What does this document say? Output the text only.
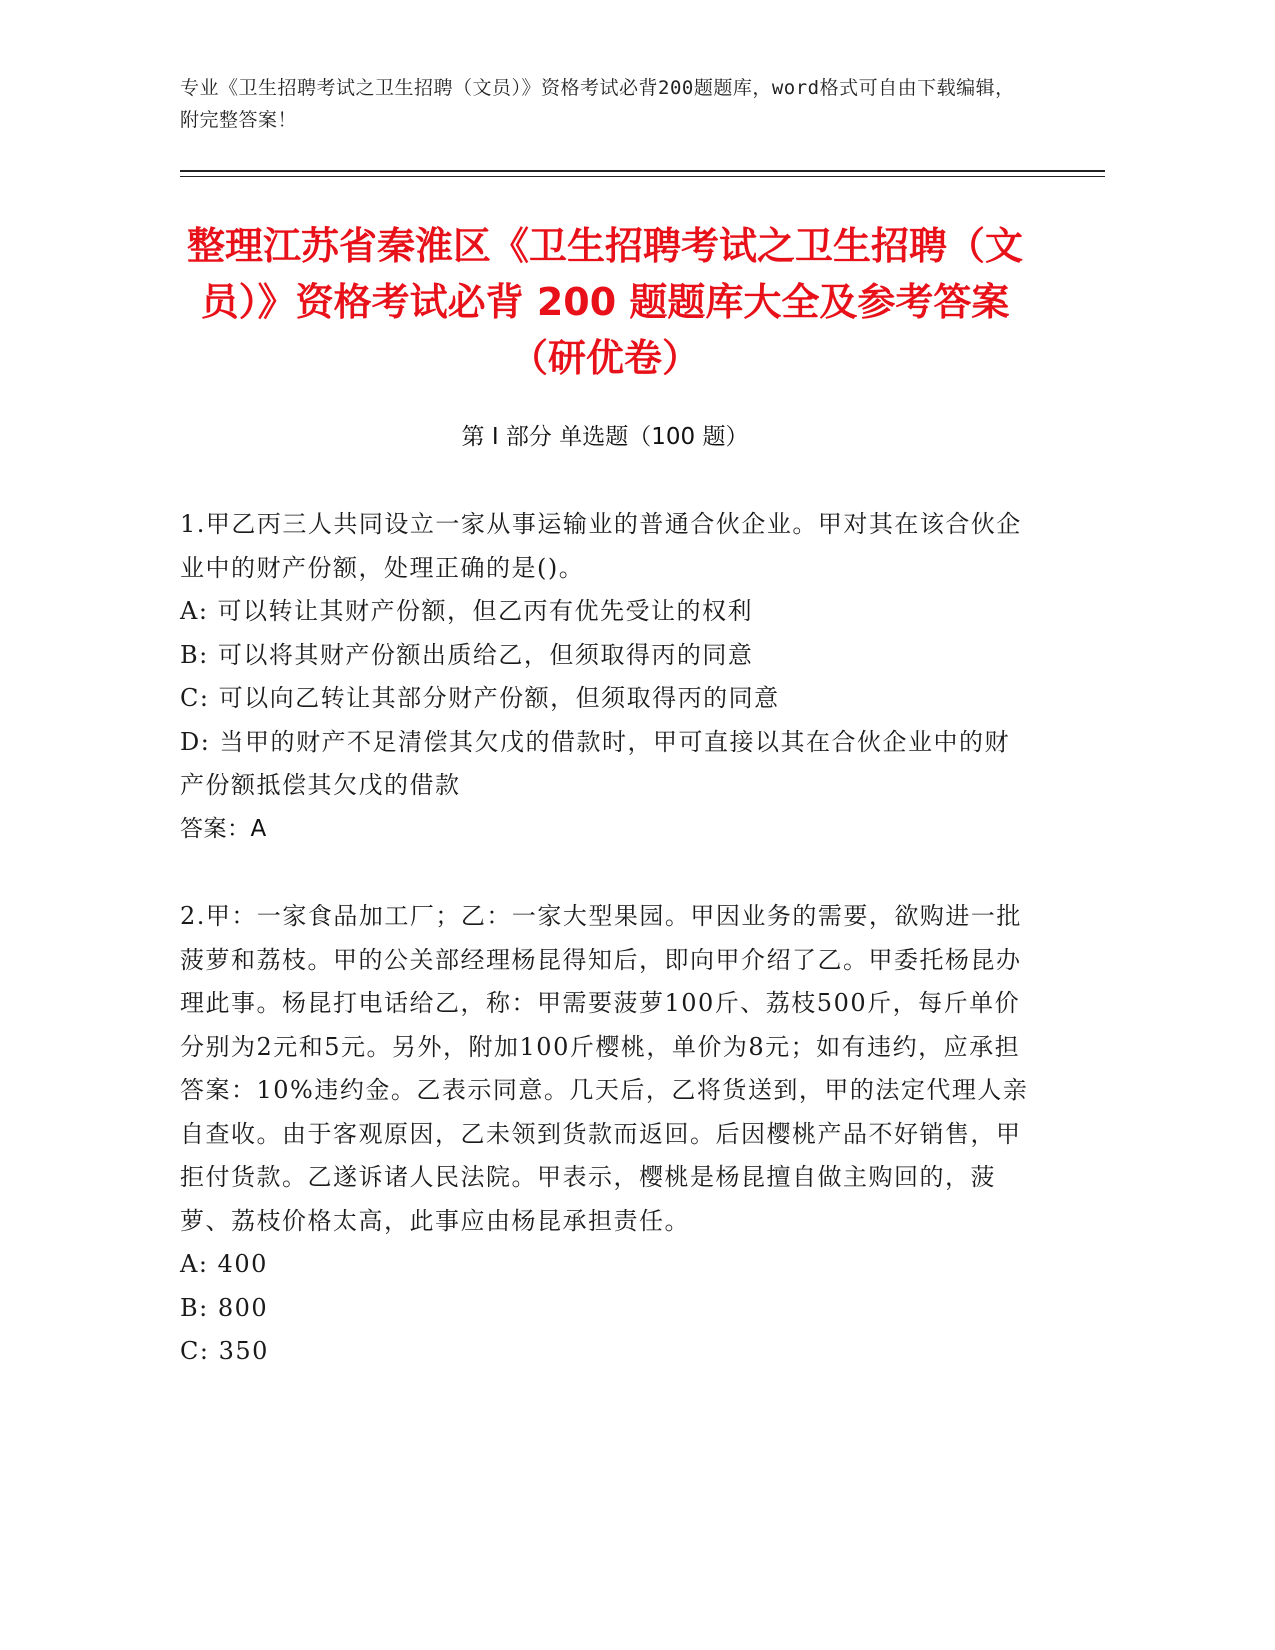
专业《卫生招聘考试之卫生招聘（文员）》资格考试必背200题题库，word格式可自由下载编辑，附完整答案！
整理江苏省秦淮区《卫生招聘考试之卫生招聘（文员）》资格考试必背 200 题题库大全及参考答案（研优卷）
第 I 部分 单选题（100 题）

1.甲乙丙三人共同设立一家从事运输业的普通合伙企业。甲对其在该合伙企业中的财产份额，处理正确的是()。

A: 可以转让其财产份额，但乙丙有优先受让的权利

B: 可以将其财产份额出质给乙，但须取得丙的同意

C: 可以向乙转让其部分财产份额，但须取得丙的同意

D: 当甲的财产不足清偿其欠戊的借款时，甲可直接以其在合伙企业中的财产份额抵偿其欠戊的借款

答案：A

2.甲：一家食品加工厂；乙：一家大型果园。甲因业务的需要，欲购进一批菠萝和荔枝。甲的公关部经理杨昆得知后，即向甲介绍了乙。甲委托杨昆办理此事。杨昆打电话给乙，称：甲需要菠萝100斤、荔枝500斤，每斤单价分别为2元和5元。另外，附加100斤樱桃，单价为8元；如有违约，应承担答案：10%违约金。乙表示同意。几天后，乙将货送到，甲的法定代理人亲自查收。由于客观原因，乙未领到货款而返回。后因樱桃产品不好销售，甲拒付货款。乙遂诉诸人民法院。甲表示，樱桃是杨昆擅自做主购回的，菠萝、荔枝价格太高，此事应由杨昆承担责任。

A: 400

B: 800

C: 350
